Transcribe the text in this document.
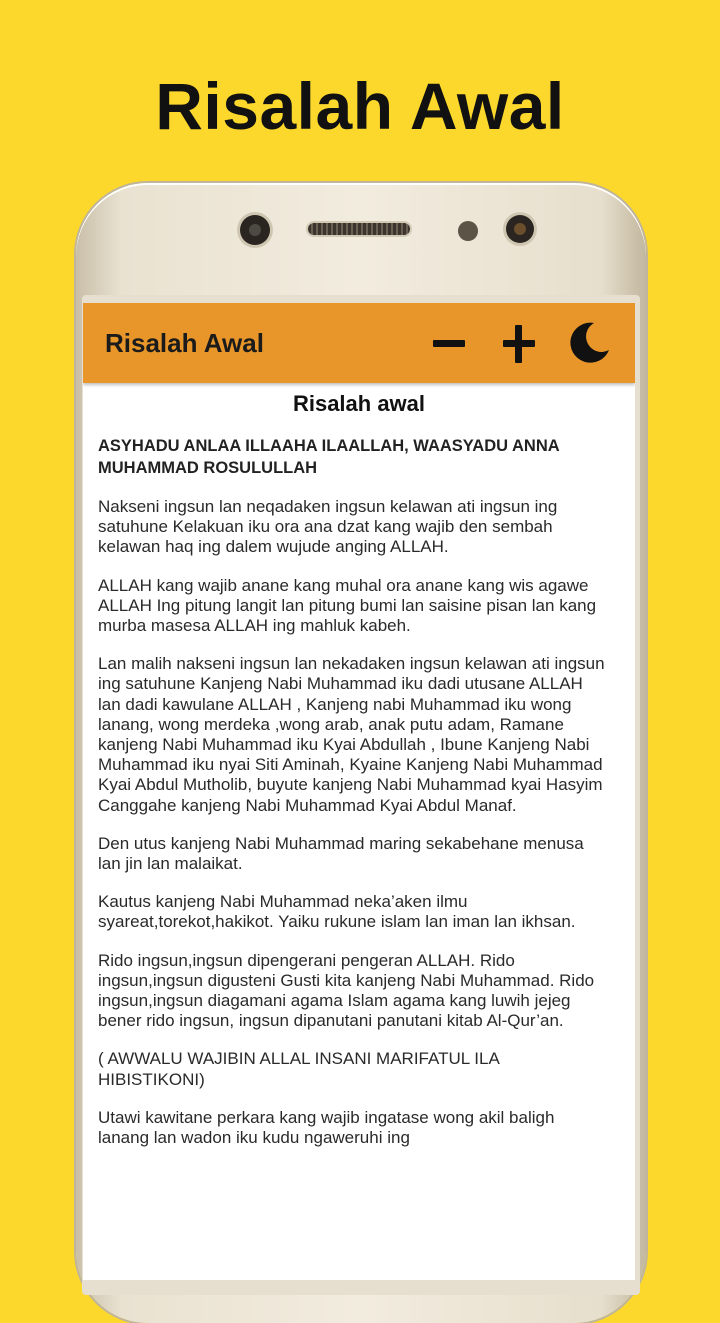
Risalah Awal
Risalah Awal
Risalah awal
ASYHADU ANLAA ILLAAHA ILAALLAH, WAASYADU ANNA MUHAMMAD ROSULULLAH

Nakseni ingsun lan neqadaken ingsun kelawan ati ingsun ing satuhune Kelakuan iku ora ana dzat kang wajib den sembah kelawan haq ing dalem wujude anging ALLAH.

ALLAH kang wajib anane kang muhal ora anane kang wis agawe ALLAH Ing pitung langit lan pitung bumi lan saisine pisan lan kang murba masesa ALLAH ing mahluk kabeh.

Lan malih nakseni ingsun lan nekadaken ingsun kelawan ati ingsun ing satuhune Kanjeng Nabi Muhammad iku dadi utusane ALLAH lan dadi kawulane ALLAH , Kanjeng nabi Muhammad iku wong lanang, wong merdeka ,wong arab, anak putu adam, Ramane kanjeng Nabi Muhammad iku Kyai Abdullah , Ibune Kanjeng Nabi Muhammad iku nyai Siti Aminah, Kyaine Kanjeng Nabi Muhammad Kyai Abdul Mutholib, buyute kanjeng Nabi Muhammad kyai Hasyim Canggahe kanjeng Nabi Muhammad Kyai Abdul Manaf.

Den utus kanjeng Nabi Muhammad maring sekabehane menusa lan jin lan malaikat.

Kautus kanjeng Nabi Muhammad neka’aken ilmu syareat,torekot,hakikot. Yaiku rukune islam lan iman lan ikhsan.

Rido ingsun,ingsun dipengerani pengeran ALLAH. Rido ingsun,ingsun digusteni Gusti kita kanjeng Nabi Muhammad. Rido ingsun,ingsun diagamani agama Islam agama kang luwih jejeg bener rido ingsun, ingsun dipanutani panutani kitab Al-Qur’an.

( AWWALU WAJIBIN ALLAL INSANI MARIFATUL ILA HIBISTIKONI)

Utawi kawitane perkara kang wajib ingatase wong akil baligh lanang lan wadon iku kudu ngaweruhi ing
